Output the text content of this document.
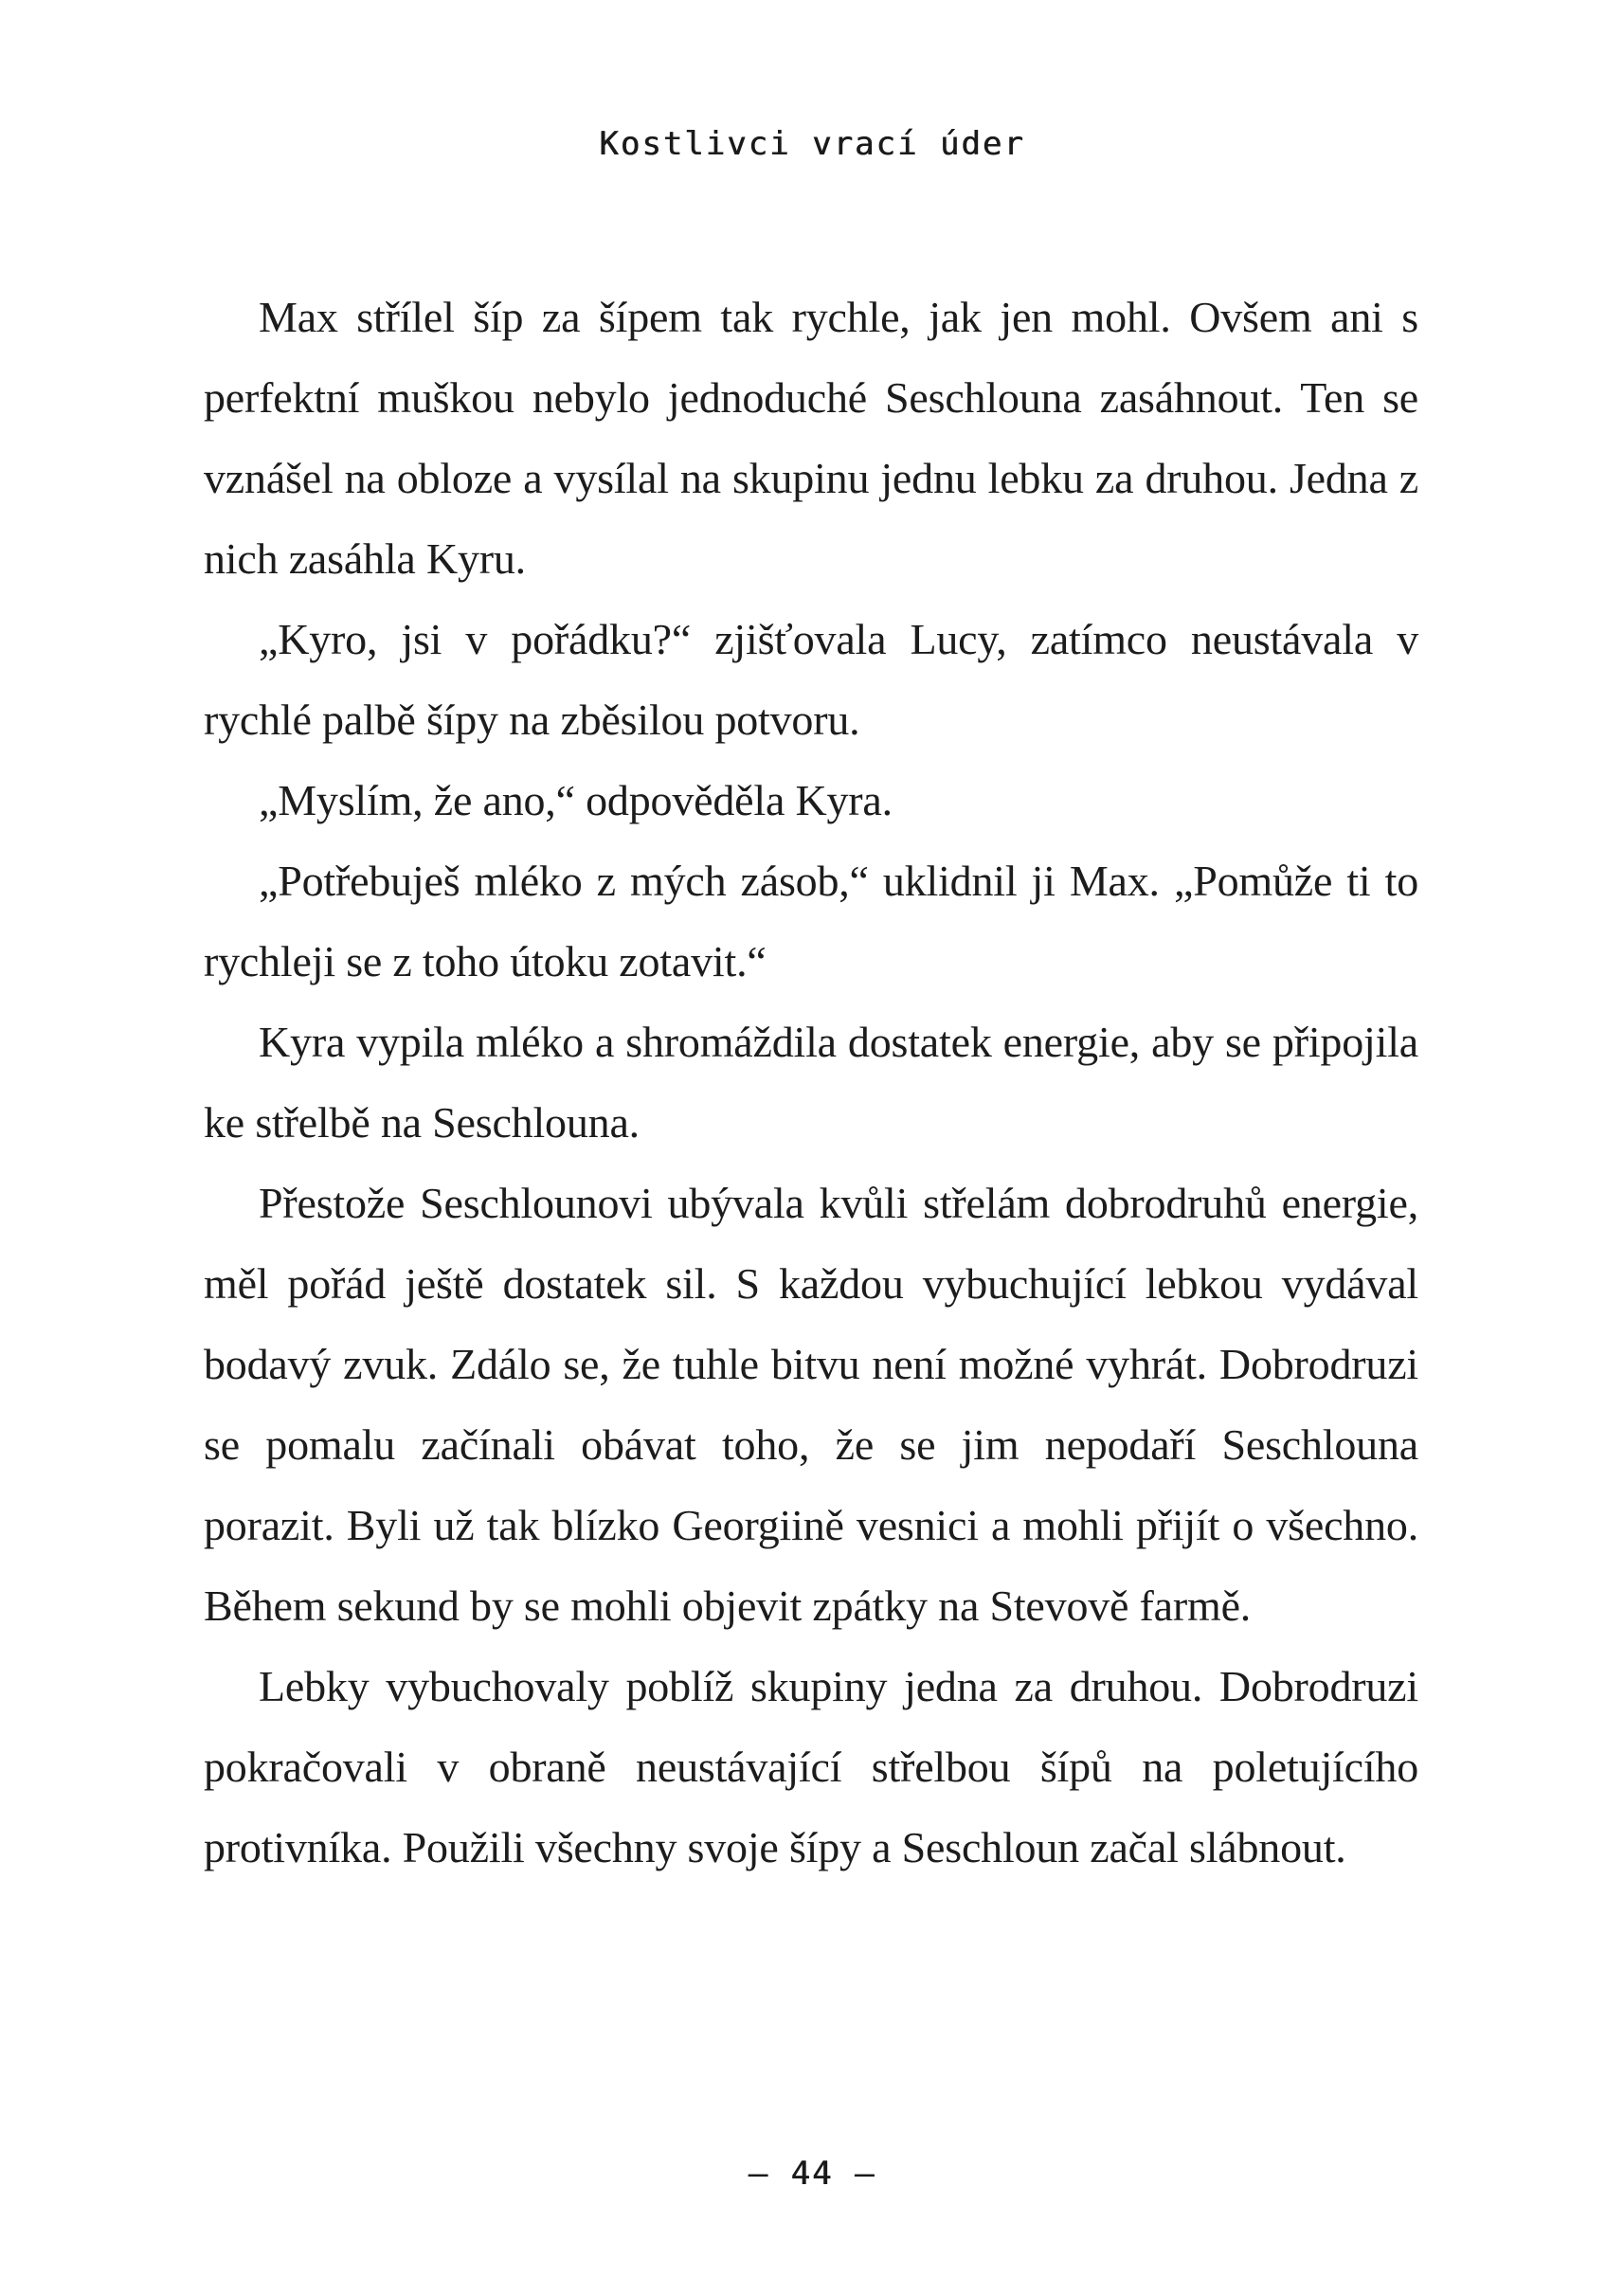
Kostlivci vrací úder

Max střílel šíp za šípem tak rychle, jak jen mohl. Ovšem ani s perfektní muškou nebylo jednoduché Seschlouna zasáhnout. Ten se vznášel na obloze a vysílal na skupinu jednu lebku za druhou. Jedna z nich zasáhla Kyru.

„Kyro, jsi v pořádku?“ zjišťovala Lucy, zatímco neustávala v rychlé palbě šípy na zběsilou potvoru.

„Myslím, že ano,“ odpověděla Kyra.

„Potřebuješ mléko z mých zásob,“ uklidnil ji Max. „Pomůže ti to rychleji se z toho útoku zotavit.“

Kyra vypila mléko a shromáždila dostatek energie, aby se připojila ke střelbě na Seschlouna.

Přestože Seschlounovi ubývala kvůli střelám dobrodruhů energie, měl pořád ještě dostatek sil. S každou vybuchující lebkou vydával bodavý zvuk. Zdálo se, že tuhle bitvu není možné vyhrát. Dobrodruzi se pomalu začínali obávat toho, že se jim nepodaří Seschlouna porazit. Byli už tak blízko Georgiině vesnici a mohli přijít o všechno. Během sekund by se mohli objevit zpátky na Stevově farmě.

Lebky vybuchovaly poblíž skupiny jedna za druhou. Dobrodruzi pokračovali v obraně neustávající střelbou šípů na poletujícího protivníka. Použili všechny svoje šípy a Seschloun začal slábnout.

– 44 –
